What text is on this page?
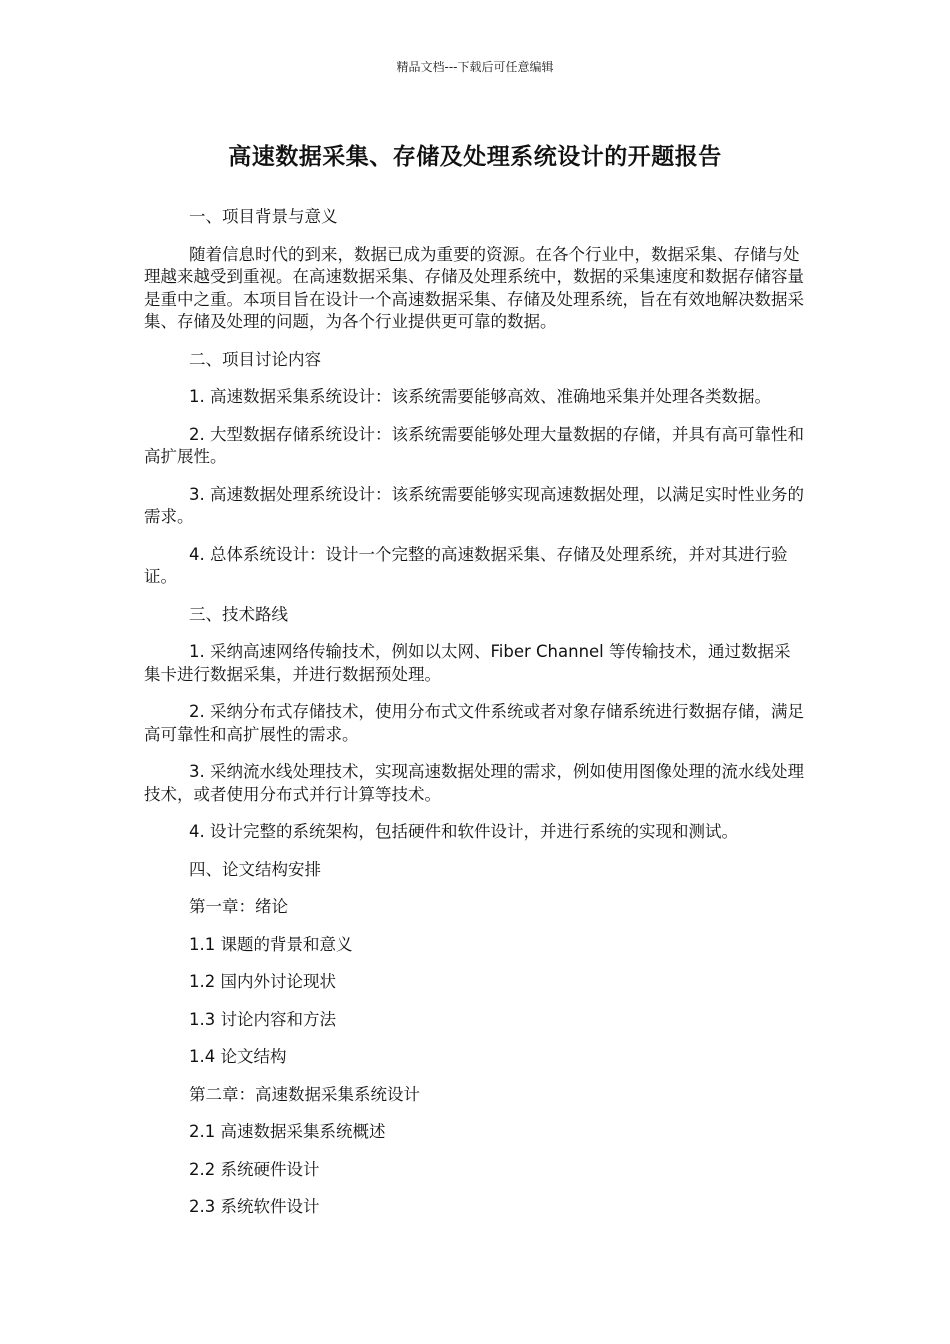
精品文档---下载后可任意编辑
高速数据采集、存储及处理系统设计的开题报告

一、项目背景与意义

随着信息时代的到来，数据已成为重要的资源。在各个行业中，数据采集、存储与处理越来越受到重视。在高速数据采集、存储及处理系统中，数据的采集速度和数据存储容量是重中之重。本项目旨在设计一个高速数据采集、存储及处理系统，旨在有效地解决数据采集、存储及处理的问题，为各个行业提供更可靠的数据。

二、项目讨论内容

1. 高速数据采集系统设计：该系统需要能够高效、准确地采集并处理各类数据。

2. 大型数据存储系统设计：该系统需要能够处理大量数据的存储，并具有高可靠性和高扩展性。

3. 高速数据处理系统设计：该系统需要能够实现高速数据处理，以满足实时性业务的需求。

4. 总体系统设计：设计一个完整的高速数据采集、存储及处理系统，并对其进行验证。

三、技术路线

1. 采纳高速网络传输技术，例如以太网、Fiber Channel 等传输技术，通过数据采集卡进行数据采集，并进行数据预处理。

2. 采纳分布式存储技术，使用分布式文件系统或者对象存储系统进行数据存储，满足高可靠性和高扩展性的需求。

3. 采纳流水线处理技术，实现高速数据处理的需求，例如使用图像处理的流水线处理技术，或者使用分布式并行计算等技术。

4. 设计完整的系统架构，包括硬件和软件设计，并进行系统的实现和测试。

四、论文结构安排

第一章：绪论

1.1 课题的背景和意义

1.2 国内外讨论现状

1.3 讨论内容和方法

1.4 论文结构

第二章：高速数据采集系统设计

2.1 高速数据采集系统概述

2.2 系统硬件设计

2.3 系统软件设计
